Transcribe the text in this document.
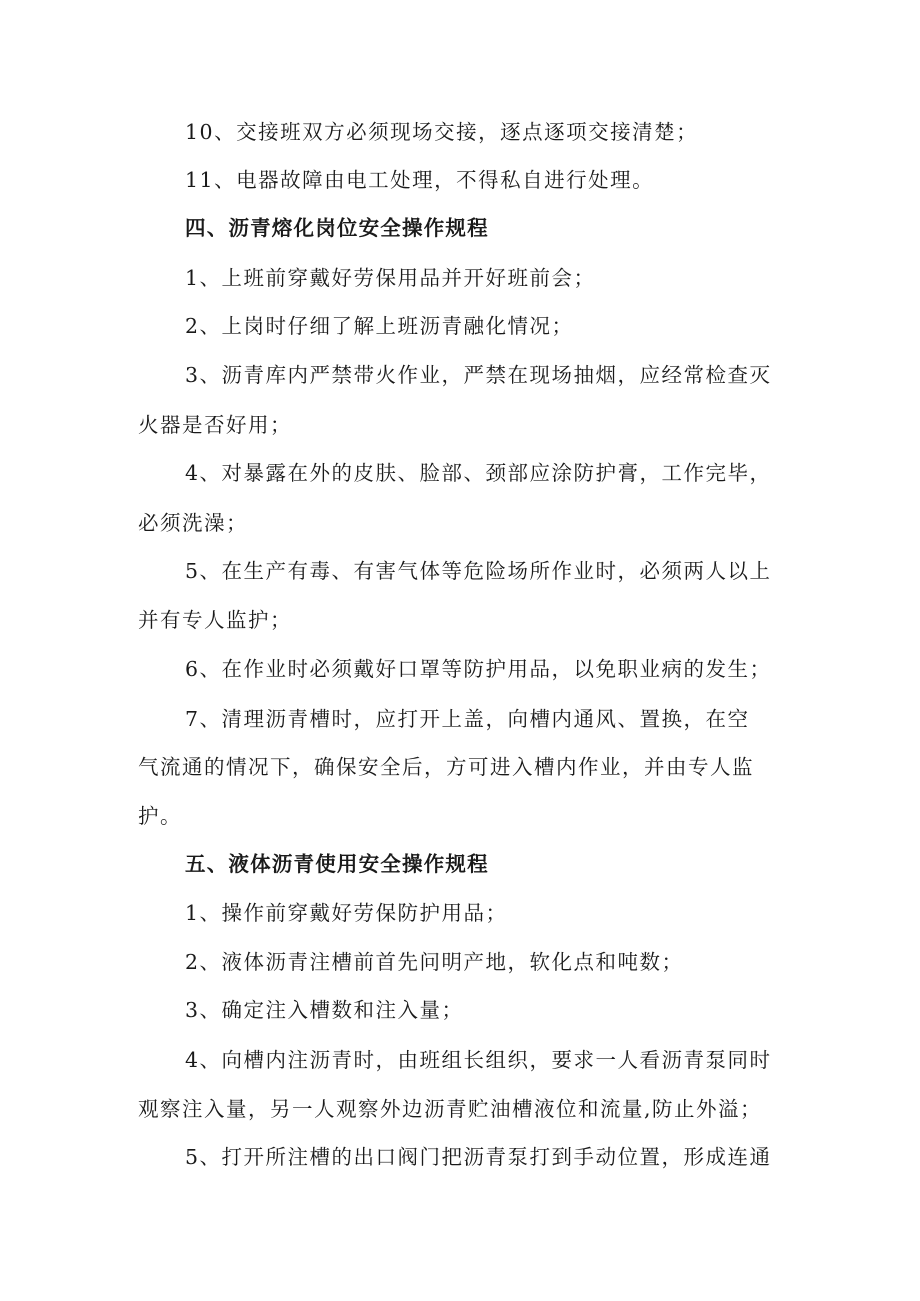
10、交接班双方必须现场交接，逐点逐项交接清楚；
11、电器故障由电工处理，不得私自进行处理。
四、沥青熔化岗位安全操作规程
1、上班前穿戴好劳保用品并开好班前会；
2、上岗时仔细了解上班沥青融化情况；
3、沥青库内严禁带火作业，严禁在现场抽烟，应经常检查灭
火器是否好用；
4、对暴露在外的皮肤、脸部、颈部应涂防护膏，工作完毕，
必须洗澡；
5、在生产有毒、有害气体等危险场所作业时，必须两人以上
并有专人监护；
6、在作业时必须戴好口罩等防护用品，以免职业病的发生；
7、清理沥青槽时，应打开上盖，向槽内通风、置换，在空
气流通的情况下，确保安全后，方可进入槽内作业，并由专人监
护。
五、液体沥青使用安全操作规程
1、操作前穿戴好劳保防护用品；
2、液体沥青注槽前首先问明产地，软化点和吨数；
3、确定注入槽数和注入量；
4、向槽内注沥青时，由班组长组织，要求一人看沥青泵同时
观察注入量，另一人观察外边沥青贮油槽液位和流量,防止外溢；
5、打开所注槽的出口阀门把沥青泵打到手动位置，形成连通
